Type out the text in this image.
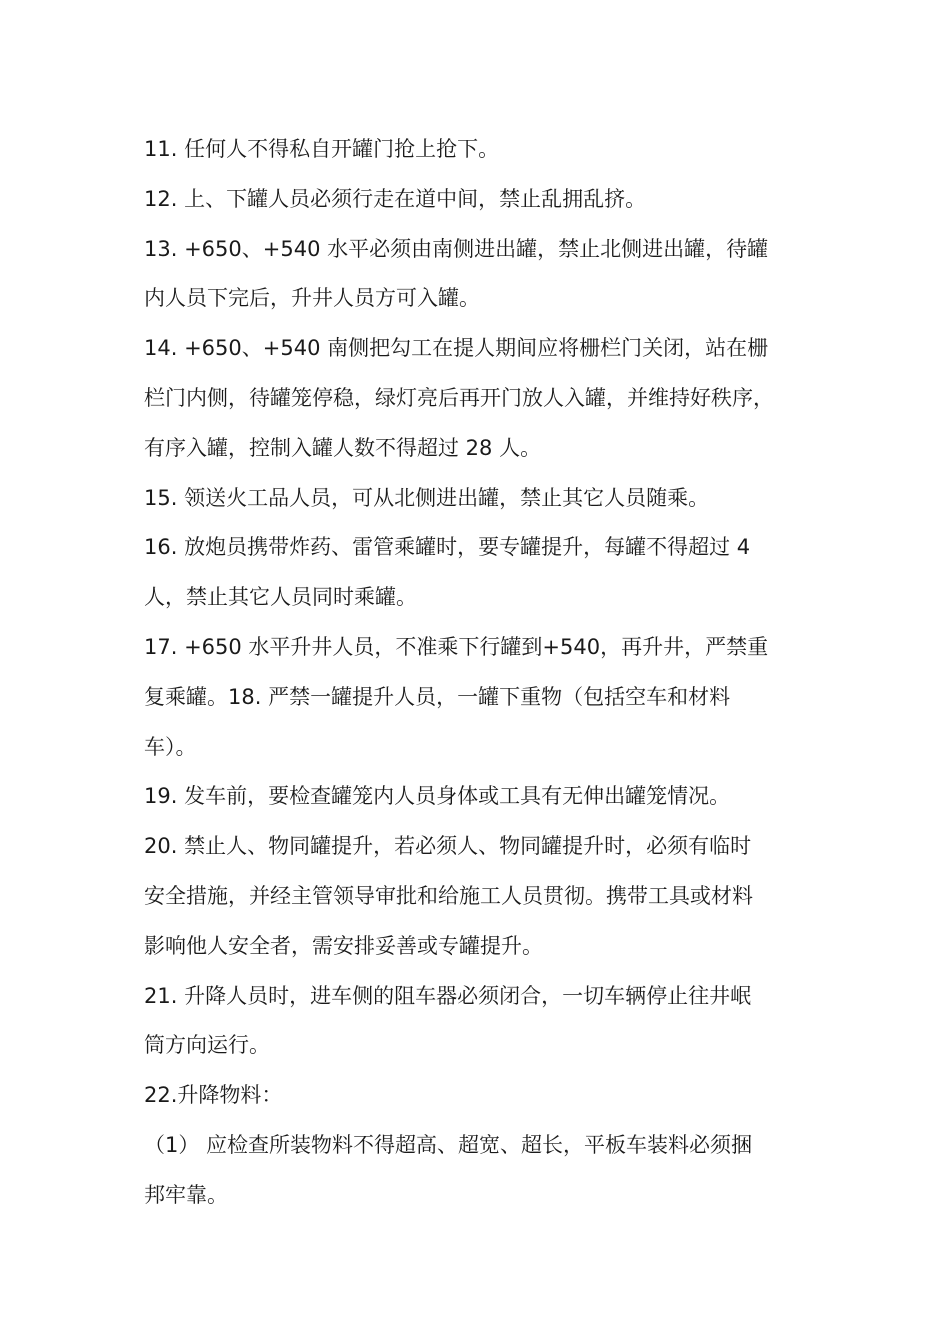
11. 任何人不得私自开罐门抢上抢下。
12. 上、下罐人员必须行走在道中间，禁止乱拥乱挤。
13. +650、+540 水平必须由南侧进出罐，禁止北侧进出罐，待罐
内人员下完后，升井人员方可入罐。
14. +650、+540 南侧把勾工在提人期间应将栅栏门关闭，站在栅
栏门内侧，待罐笼停稳，绿灯亮后再开门放人入罐，并维持好秩序，
有序入罐，控制入罐人数不得超过 28 人。
15. 领送火工品人员，可从北侧进出罐，禁止其它人员随乘。
16. 放炮员携带炸药、雷管乘罐时，要专罐提升，每罐不得超过 4
人，禁止其它人员同时乘罐。
17. +650 水平升井人员，不准乘下行罐到+540，再升井，严禁重
复乘罐。18. 严禁一罐提升人员，一罐下重物（包括空车和材料
车）。
19. 发车前，要检查罐笼内人员身体或工具有无伸出罐笼情况。
20. 禁止人、物同罐提升，若必须人、物同罐提升时，必须有临时
安全措施，并经主管领导审批和给施工人员贯彻。携带工具或材料
影响他人安全者，需安排妥善或专罐提升。
21. 升降人员时，进车侧的阻车器必须闭合，一切车辆停止往井岷
筒方向运行。
22.升降物料：
（1） 应检查所装物料不得超高、超宽、超长，平板车装料必须捆
邦牢靠。
